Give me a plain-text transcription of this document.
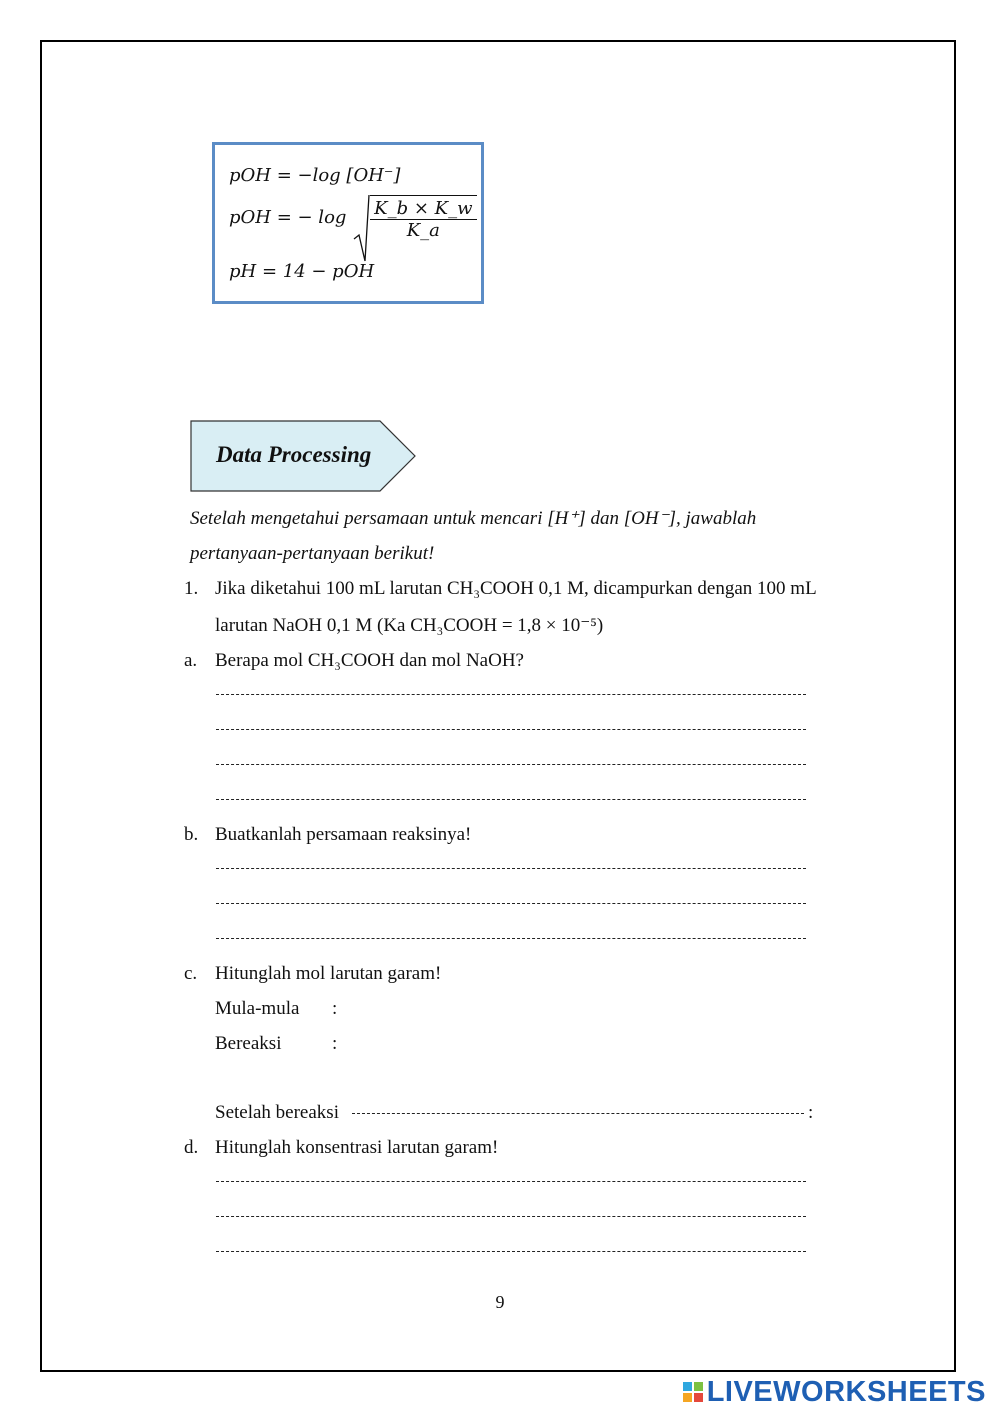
pOH = −log [OH⁻]
pOH = − $\log \frac{K\_b \times K\_w}{K\_a}$
pH = 14 − pOH
Data Processing
Setelah mengetahui persamaan untuk mencari [H⁺] dan [OH⁻], jawablah
pertanyaan-pertanyaan berikut!
1. Jika diketahui 100 mL larutan CH₃COOH 0,1 M, dicampurkan dengan 100 mL
larutan NaOH 0,1 M (Ka CH₃COOH = 1,8 × 10⁻⁵)
a. Berapa mol CH₃COOH dan mol NaOH?
b. Buatkanlah persamaan reaksinya!
c. Hitunglah mol larutan garam!
Mula-mula :
Bereaksi	:
Setelah bereaksi	:
d. Hitunglah konsentrasi larutan garam!
9
LIVEWORKSHEETS
